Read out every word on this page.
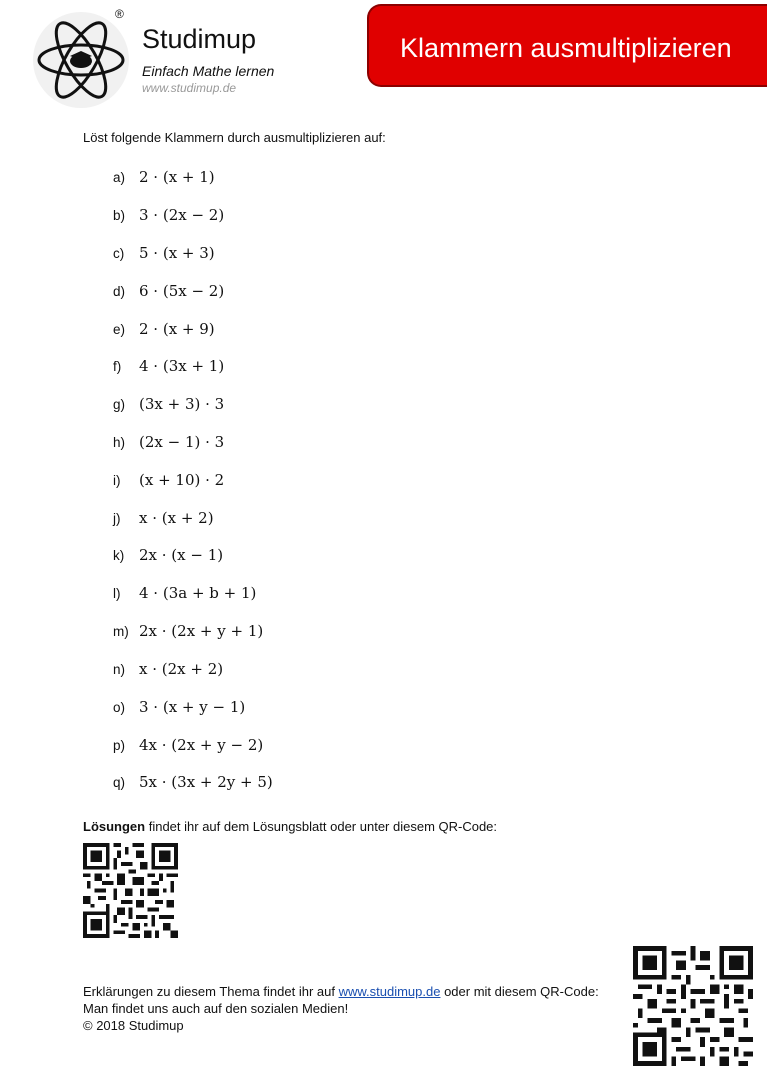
®
Studimup
Einfach Mathe lernen
www.studimup.de
Klammern ausmultiplizieren
Löst folgende Klammern durch ausmultiplizieren auf:
a) 2 · (x + 1)
b) 3 · (2x − 2)
c) 5 · (x + 3)
d) 6 · (5x − 2)
e) 2 · (x + 9)
f)	4 · (3x + 1)
g) (3x + 3) · 3
h) (2x − 1) · 3
i)	(x + 10) · 2
j)	x · (x + 2)
k) 2x · (x − 1)
l)	4 · (3a + b + 1)
m) 2x · (2x + y + 1)
n) x · (2x + 2)
o) 3 · (x + y − 1)
p) 4x · (2x + y − 2)
q) 5x · (3x + 2y + 5)
Lösungen findet ihr auf dem Lösungsblatt oder unter diesem QR-Code:
Erklärungen zu diesem Thema findet ihr auf www.studimup.de oder mit diesem QR-Code:
Man findet uns auch auf den sozialen Medien!
© 2018 Studimup
